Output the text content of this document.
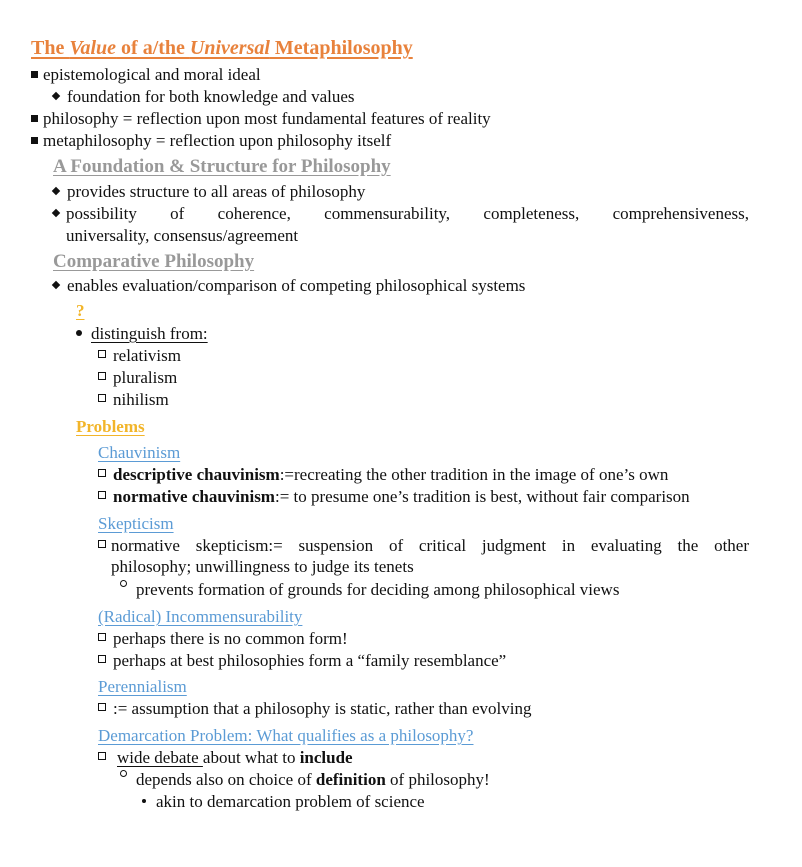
The Value of a/the Universal Metaphilosophy
epistemological and moral ideal
foundation for both knowledge and values
philosophy = reflection upon most fundamental features of reality
metaphilosophy = reflection upon philosophy itself
A Foundation & Structure for Philosophy
provides structure to all areas of philosophy
possibility of coherence, commensurability, completeness, comprehensiveness,
universality, consensus/agreement
Comparative Philosophy
enables evaluation/comparison of competing philosophical systems
?
distinguish from:
relativism
pluralism
nihilism
Problems
Chauvinism
descriptive chauvinism:=recreating the other tradition in the image of one’s own
normative chauvinism:= to presume one’s tradition is best, without fair comparison
Skepticism
normative skepticism:= suspension of critical judgment in evaluating the other
philosophy; unwillingness to judge its tenets
prevents formation of grounds for deciding among philosophical views
(Radical) Incommensurability
perhaps there is no common form!
perhaps at best philosophies form a “family resemblance”
Perennialism
:= assumption that a philosophy is static, rather than evolving
Demarcation Problem: What qualifies as a philosophy?
wide debate about what to include
depends also on choice of definition of philosophy!
akin to demarcation problem of science
